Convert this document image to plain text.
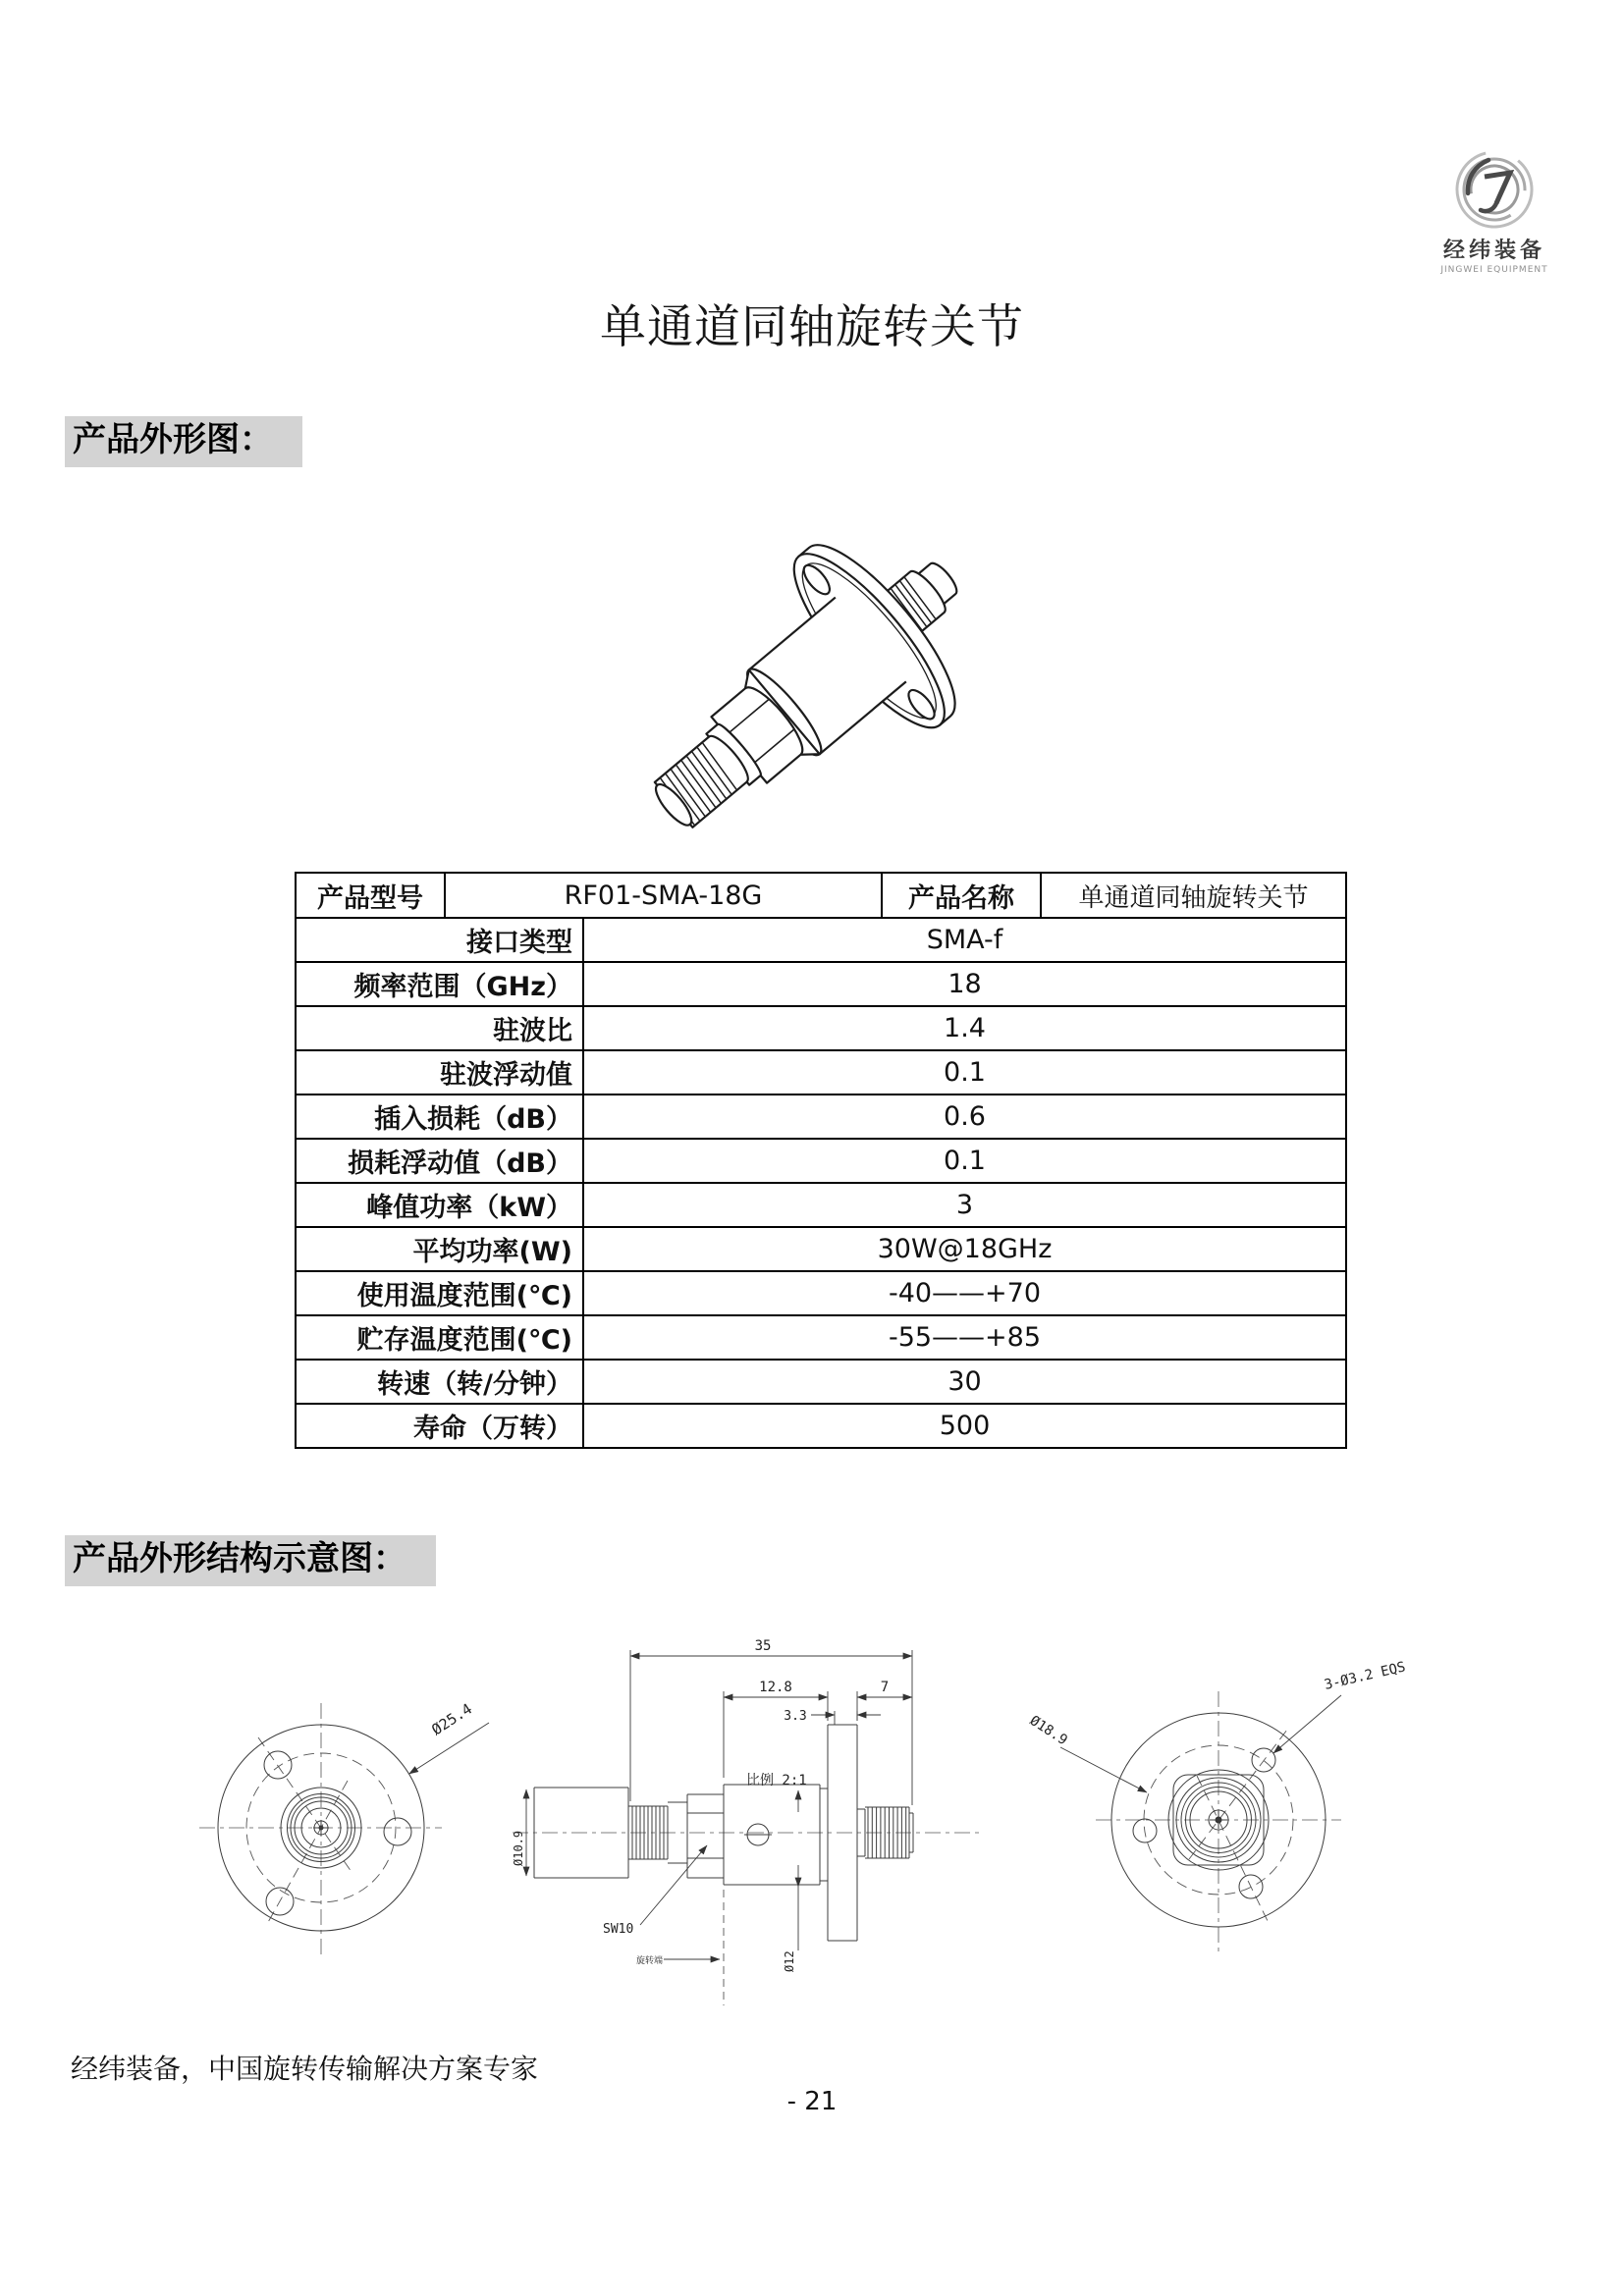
经纬装备
JINGWEI EQUIPMENT
单通道同轴旋转关节
产品外形图：
产品型号	RF01-SMA-18G	产品名称	单通道同轴旋转关节
接口类型	SMA-f
频率范围（GHz）	18
驻波比	1.4
驻波浮动值	0.1
插入损耗（dB）	0.6
损耗浮动值（dB）	0.1
峰值功率（kW）	3
平均功率(W)	30W@18GHz
使用温度范围(℃)	-40——+70
贮存温度范围(℃)	-55——+85
转速（转/分钟）	30
寿命（万转）	500
产品外形结构示意图：
Ø25.4
35
12.8	7
3.3
Ø10.9
Ø12
比例 2:1
SW10
旋转端
Ø18.9
3-Ø3.2 EQS
经纬装备，中国旋转传输解决方案专家
- 21
